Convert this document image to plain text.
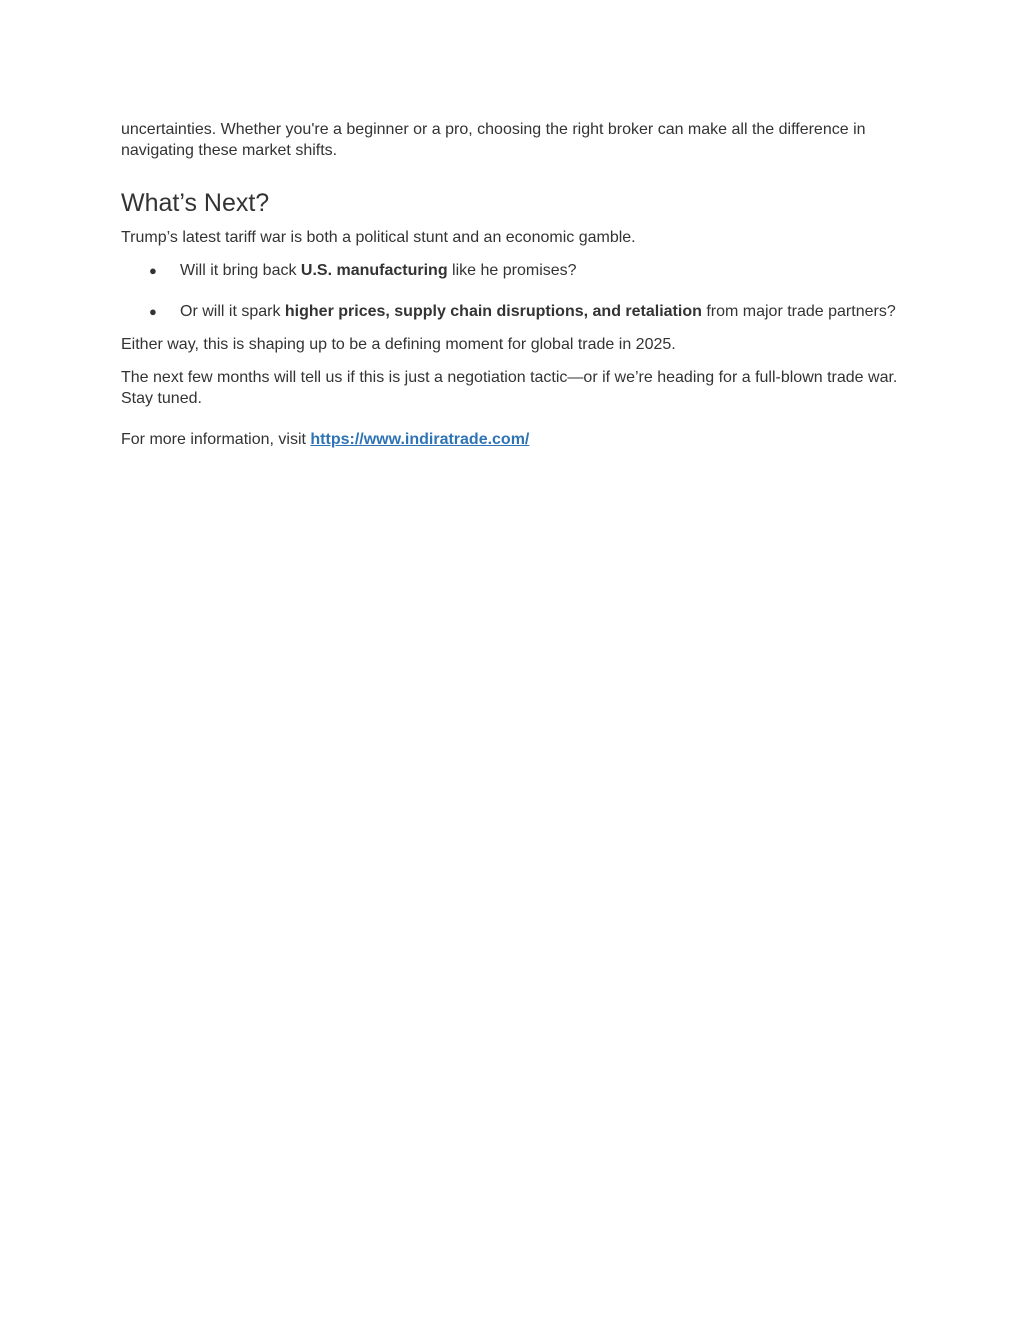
uncertainties. Whether you're a beginner or a pro, choosing the right broker can make all the difference in navigating these market shifts.

What’s Next?

Trump’s latest tariff war is both a political stunt and an economic gamble.

● Will it bring back U.S. manufacturing like he promises?
● Or will it spark higher prices, supply chain disruptions, and retaliation from major trade partners?

Either way, this is shaping up to be a defining moment for global trade in 2025.

The next few months will tell us if this is just a negotiation tactic—or if we’re heading for a full-blown trade war. Stay tuned.

For more information, visit https://www.indiratrade.com/
